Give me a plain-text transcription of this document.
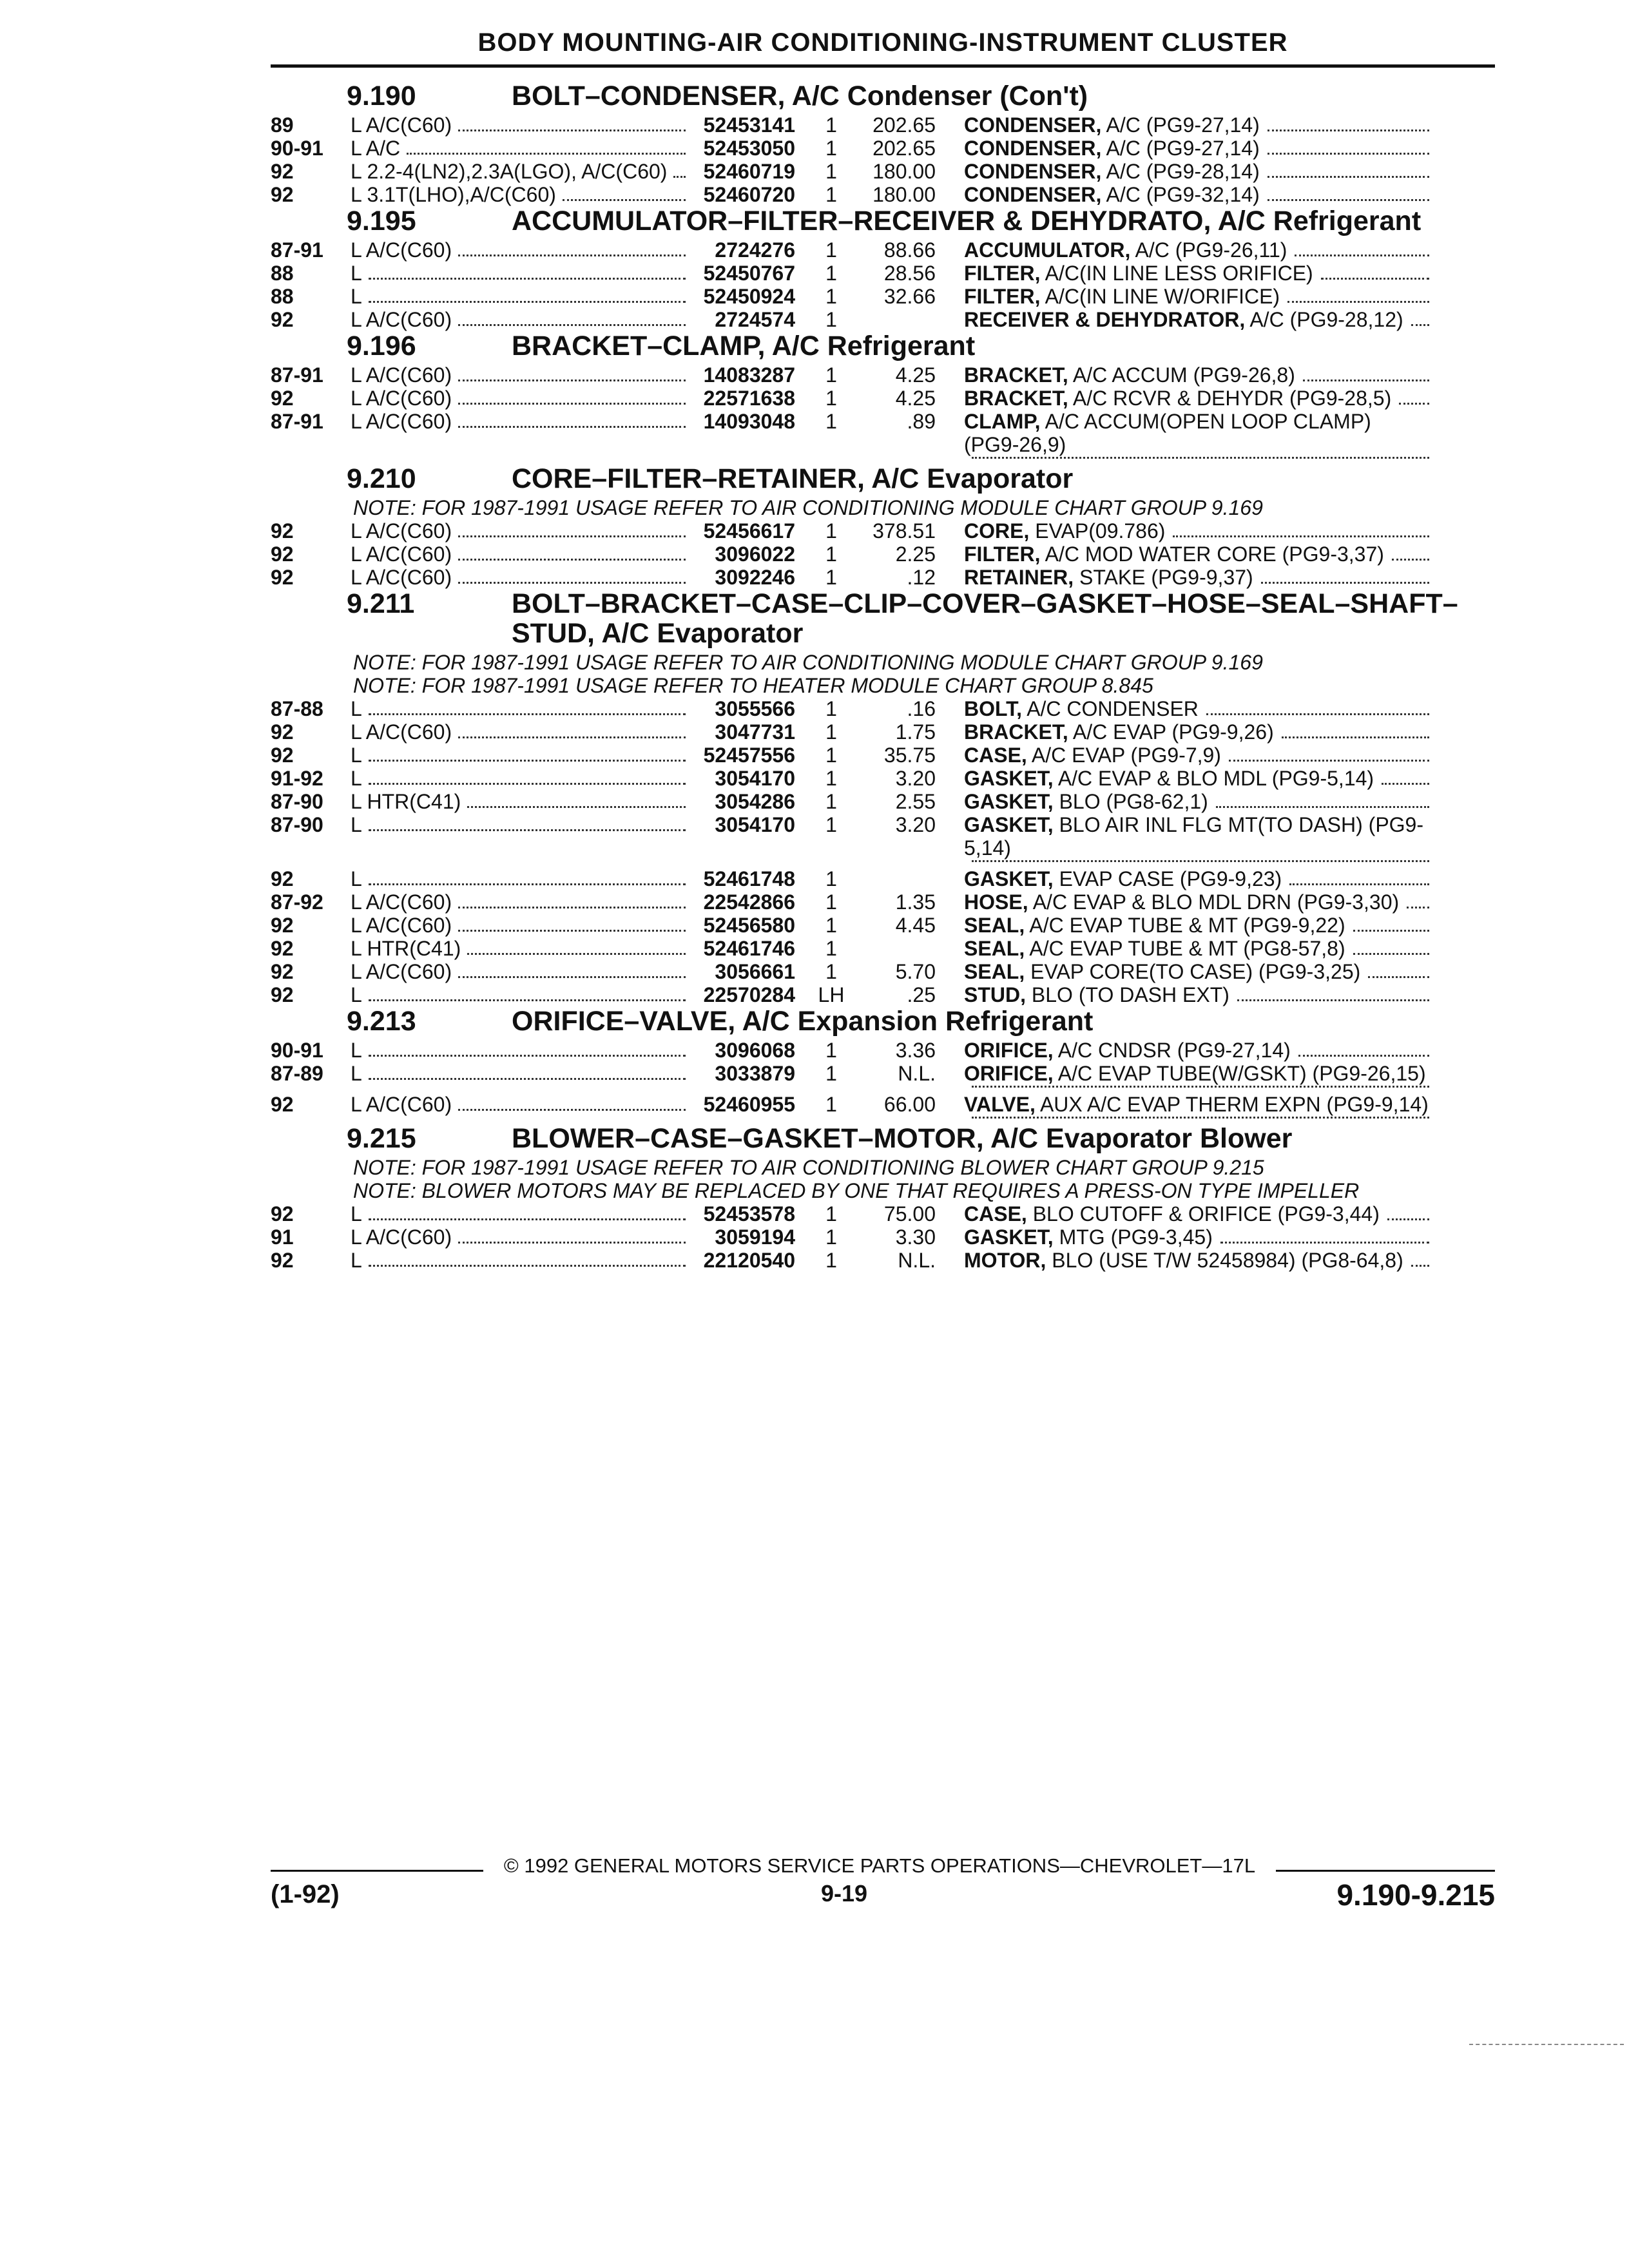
BODY MOUNTING-AIR CONDITIONING-INSTRUMENT CLUSTER
9.190	BOLT–CONDENSER, A/C Condenser (Con't)
89	L A/C(C60)	52453141	1	202.65 CONDENSER, A/C (PG9-27,14)
90-91	L A/C	52453050	1	202.65 CONDENSER, A/C (PG9-27,14)
92	L 2.2-4(LN2),2.3A(LGO), A/C(C60)	52460719	1	180.00 CONDENSER, A/C (PG9-28,14)
92	L 3.1T(LHO),A/C(C60)	52460720	1	180.00 CONDENSER, A/C (PG9-32,14)
9.195	ACCUMULATOR–FILTER–RECEIVER & DEHYDRATO, A/C Refrigerant
87-91	L A/C(C60)	2724276	1	88.66 ACCUMULATOR, A/C (PG9-26,11)
88	L	52450767	1	28.56 FILTER, A/C(IN LINE LESS ORIFICE)
88	L	52450924	1	32.66 FILTER, A/C(IN LINE W/ORIFICE)
92	L A/C(C60)	2724574	1	RECEIVER & DEHYDRATOR, A/C (PG9-28,12)
9.196	BRACKET–CLAMP, A/C Refrigerant
87-91	L A/C(C60)	14083287	1	4.25 BRACKET, A/C ACCUM (PG9-26,8)
92	L A/C(C60)	22571638	1	4.25 BRACKET, A/C RCVR & DEHYDR (PG9-28,5)
87-91	L A/C(C60)	14093048	1	.89 CLAMP, A/C ACCUM(OPEN LOOP CLAMP) (PG9-26,9)
9.210	CORE–FILTER–RETAINER, A/C Evaporator
NOTE: FOR 1987-1991 USAGE REFER TO AIR CONDITIONING MODULE CHART GROUP 9.169
92	L A/C(C60)	52456617	1	378.51 CORE, EVAP(09.786)
92	L A/C(C60)	3096022	1	2.25 FILTER, A/C MOD WATER CORE (PG9-3,37)
92	L A/C(C60)	3092246	1	.12 RETAINER, STAKE (PG9-9,37)
9.211	BOLT–BRACKET–CASE–CLIP–COVER–GASKET–HOSE–SEAL–SHAFT–STUD, A/C Evaporator
NOTE: FOR 1987-1991 USAGE REFER TO AIR CONDITIONING MODULE CHART GROUP 9.169
NOTE: FOR 1987-1991 USAGE REFER TO HEATER MODULE CHART GROUP 8.845
87-88	L	3055566	1	.16 BOLT, A/C CONDENSER
92	L A/C(C60)	3047731	1	1.75 BRACKET, A/C EVAP (PG9-9,26)
92	L	52457556	1	35.75 CASE, A/C EVAP (PG9-7,9)
91-92	L	3054170	1	3.20 GASKET, A/C EVAP & BLO MDL (PG9-5,14)
87-90	L HTR(C41)	3054286	1	2.55 GASKET, BLO (PG8-62,1)
87-90	L	3054170	1	3.20 GASKET, BLO AIR INL FLG MT(TO DASH) (PG9-5,14)
92	L	52461748	1	GASKET, EVAP CASE (PG9-9,23)
87-92	L A/C(C60)	22542866	1	1.35 HOSE, A/C EVAP & BLO MDL DRN (PG9-3,30)
92	L A/C(C60)	52456580	1	4.45 SEAL, A/C EVAP TUBE & MT (PG9-9,22)
92	L HTR(C41)	52461746	1	SEAL, A/C EVAP TUBE & MT (PG8-57,8)
92	L A/C(C60)	3056661	1	5.70 SEAL, EVAP CORE(TO CASE) (PG9-3,25)
92	L	22570284	LH	.25 STUD, BLO (TO DASH EXT)
9.213	ORIFICE–VALVE, A/C Expansion Refrigerant
90-91	L	3096068	1	3.36 ORIFICE, A/C CNDSR (PG9-27,14)
87-89	L	3033879	1	N.L. ORIFICE, A/C EVAP TUBE(W/GSKT) (PG9-26,15)
92	L A/C(C60)	52460955	1	66.00 VALVE, AUX A/C EVAP THERM EXPN (PG9-9,14)
9.215	BLOWER–CASE–GASKET–MOTOR, A/C Evaporator Blower
NOTE: FOR 1987-1991 USAGE REFER TO AIR CONDITIONING BLOWER CHART GROUP 9.215
NOTE: BLOWER MOTORS MAY BE REPLACED BY ONE THAT REQUIRES A PRESS-ON TYPE IMPELLER
92	L	52453578	1	75.00 CASE, BLO CUTOFF & ORIFICE (PG9-3,44)
91	L A/C(C60)	3059194	1	3.30 GASKET, MTG (PG9-3,45)
92	L	22120540	1	N.L. MOTOR, BLO (USE T/W 52458984) (PG8-64,8)
© 1992 GENERAL MOTORS SERVICE PARTS OPERATIONS—CHEVROLET—17L
(1-92)	9-19	9.190-9.215
